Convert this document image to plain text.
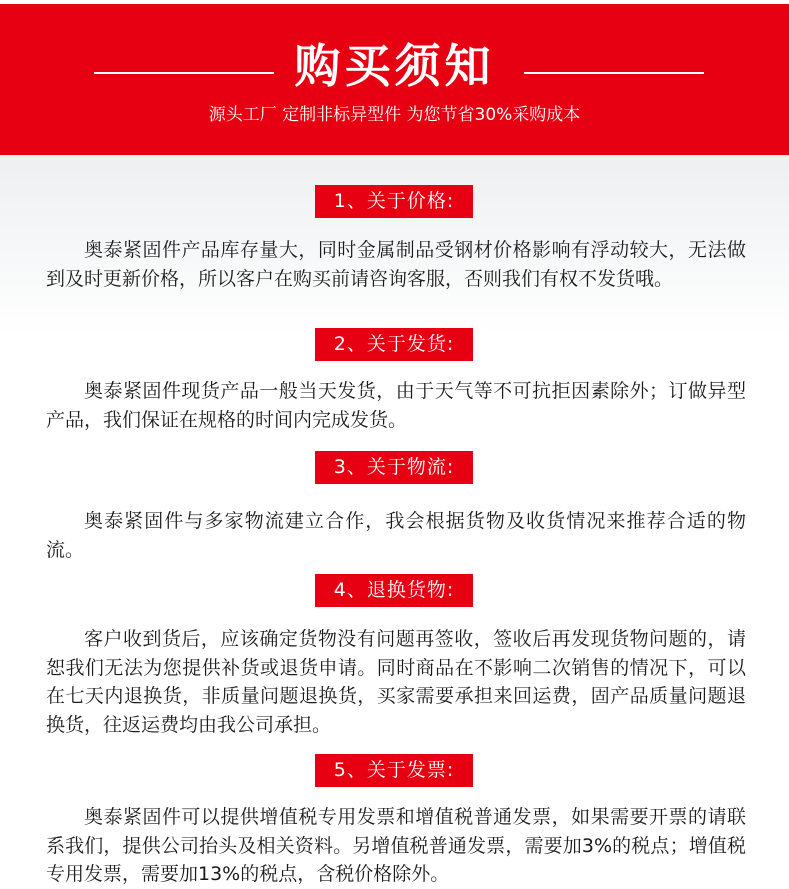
购买须知
源头工厂 定制非标异型件 为您节省30%采购成本
1、关于价格:
奥泰紧固件产品库存量大，同时金属制品受钢材价格影响有浮动较大，无法做到及时更新价格，所以客户在购买前请咨询客服，否则我们有权不发货哦。
2、关于发货:
奥泰紧固件现货产品一般当天发货，由于天气等不可抗拒因素除外；订做异型产品，我们保证在规格的时间内完成发货。
3、关于物流:
奥泰紧固件与多家物流建立合作，我会根据货物及收货情况来推荐合适的物流。
4、退换货物:
客户收到货后，应该确定货物没有问题再签收，签收后再发现货物问题的，请恕我们无法为您提供补货或退货申请。同时商品在不影响二次销售的情况下，可以在七天内退换货，非质量问题退换货，买家需要承担来回运费，固产品质量问题退换货，往返运费均由我公司承担。
5、关于发票:
奥泰紧固件可以提供增值税专用发票和增值税普通发票，如果需要开票的请联系我们，提供公司抬头及相关资料。另增值税普通发票，需要加3%的税点；增值税专用发票，需要加13%的税点，含税价格除外。
